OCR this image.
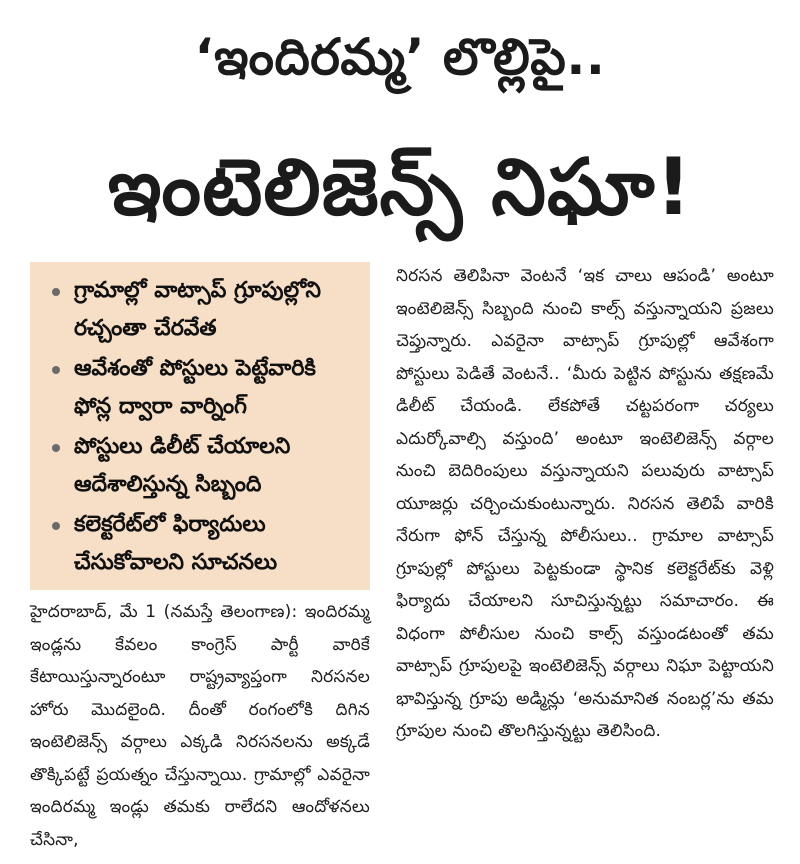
‘ఇందిరమ్మ’ లొల్లిపై..
ఇంటెలిజెన్స్ నిఘా!
గ్రామాల్లో వాట్సాప్ గ్రూపుల్లోని రచ్చంతా చేరవేత
ఆవేశంతో పోస్టులు పెట్టేవారికి ఫోన్ల ద్వారా వార్నింగ్
పోస్టులు డిలీట్ చేయాలని ఆదేశాలిస్తున్న సిబ్బంది
కలెక్టరేట్‌లో ఫిర్యాదులు చేసుకోవాలని సూచనలు

హైదరాబాద్, మే 1 (నమస్తే తెలంగాణ): ఇందిరమ్మ ఇండ్లను కేవలం కాంగ్రెస్ పార్టీ వారికే కేటాయిస్తున్నారంటూ రాష్ట్రవ్యాప్తంగా నిరసనల హోరు మొదలైంది. దీంతో రంగంలోకి దిగిన ఇంటెలిజెన్స్ వర్గాలు ఎక్కడి నిరసనలను అక్కడే తొక్కిపట్టే ప్రయత్నం చేస్తున్నాయి. గ్రామాల్లో ఎవరైనా ఇందిరమ్మ ఇండ్లు తమకు రాలేదని ఆందోళనలు చేసినా,

నిరసన తెలిపినా వెంటనే ‘ఇక చాలు ఆపండి’ అంటూ ఇంటెలిజెన్స్ సిబ్బంది నుంచి కాల్స్ వస్తున్నాయని ప్రజలు చెప్తున్నారు. ఎవరైనా వాట్సాప్ గ్రూపుల్లో ఆవేశంగా పోస్టులు పెడితే వెంటనే.. ‘మీరు పెట్టిన పోస్టును తక్షణమే డిలీట్ చేయండి. లేకపోతే చట్టపరంగా చర్యలు ఎదుర్కోవాల్సి వస్తుంది’ అంటూ ఇంటెలిజెన్స్ వర్గాల నుంచి బెదిరింపులు వస్తున్నాయని పలువురు వాట్సాప్ యూజర్లు చర్చించుకుంటున్నారు. నిరసన తెలిపే వారికి నేరుగా ఫోన్ చేస్తున్న పోలీసులు.. గ్రామాల వాట్సాప్ గ్రూపుల్లో పోస్టులు పెట్టకుండా స్థానిక కలెక్టరేట్‌కు వెళ్లి ఫిర్యాదు చేయాలని సూచిస్తున్నట్టు సమాచారం. ఈ విధంగా పోలీసుల నుంచి కాల్స్ వస్తుండటంతో తమ వాట్సాప్ గ్రూపులపై ఇంటెలిజెన్స్ వర్గాలు నిఘా పెట్టాయని భావిస్తున్న గ్రూపు అడ్మిన్లు ‘అనుమానిత నంబర్ల’ను తమ గ్రూపుల నుంచి తొలగిస్తున్నట్టు తెలిసింది.
